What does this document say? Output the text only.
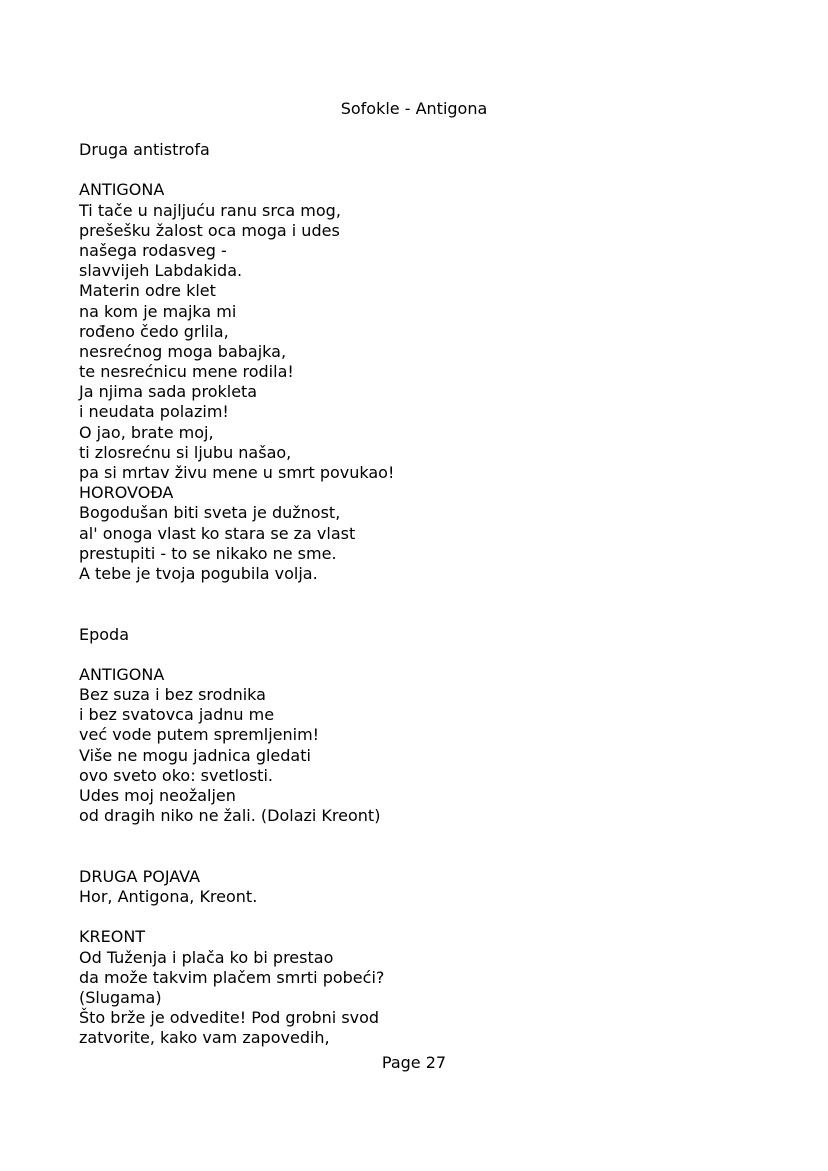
Sofokle - Antigona
Druga antistrofa
ANTIGONA
Ti tače u najljuću ranu srca mog,
prešešku žalost oca moga i udes
našega rodasveg -
slavvijeh Labdakida.
Materin odre klet
na kom je majka mi
rođeno čedo grlila,
nesrećnog moga babajka,
te nesrećnicu mene rodila!
Ja njima sada prokleta
i neudata polazim!
O jao, brate moj,
ti zlosrećnu si ljubu našao,
pa si mrtav živu mene u smrt povukao!
HOROVOĐA
Bogodušan biti sveta je dužnost,
al' onoga vlast ko stara se za vlast
prestupiti - to se nikako ne sme.
A tebe je tvoja pogubila volja.
Epoda
ANTIGONA
Bez suza i bez srodnika
i bez svatovca jadnu me
već vode putem spremljenim!
Više ne mogu jadnica gledati
ovo sveto oko: svetlosti.
Udes moj neožaljen
od dragih niko ne žali. (Dolazi Kreont)
DRUGA POJAVA
Hor, Antigona, Kreont.
KREONT
Od Tuženja i plača ko bi prestao
da može takvim plačem smrti pobeći?
(Slugama)
Što brže je odvedite! Pod grobni svod
zatvorite, kako vam zapovedih,
Page 27
